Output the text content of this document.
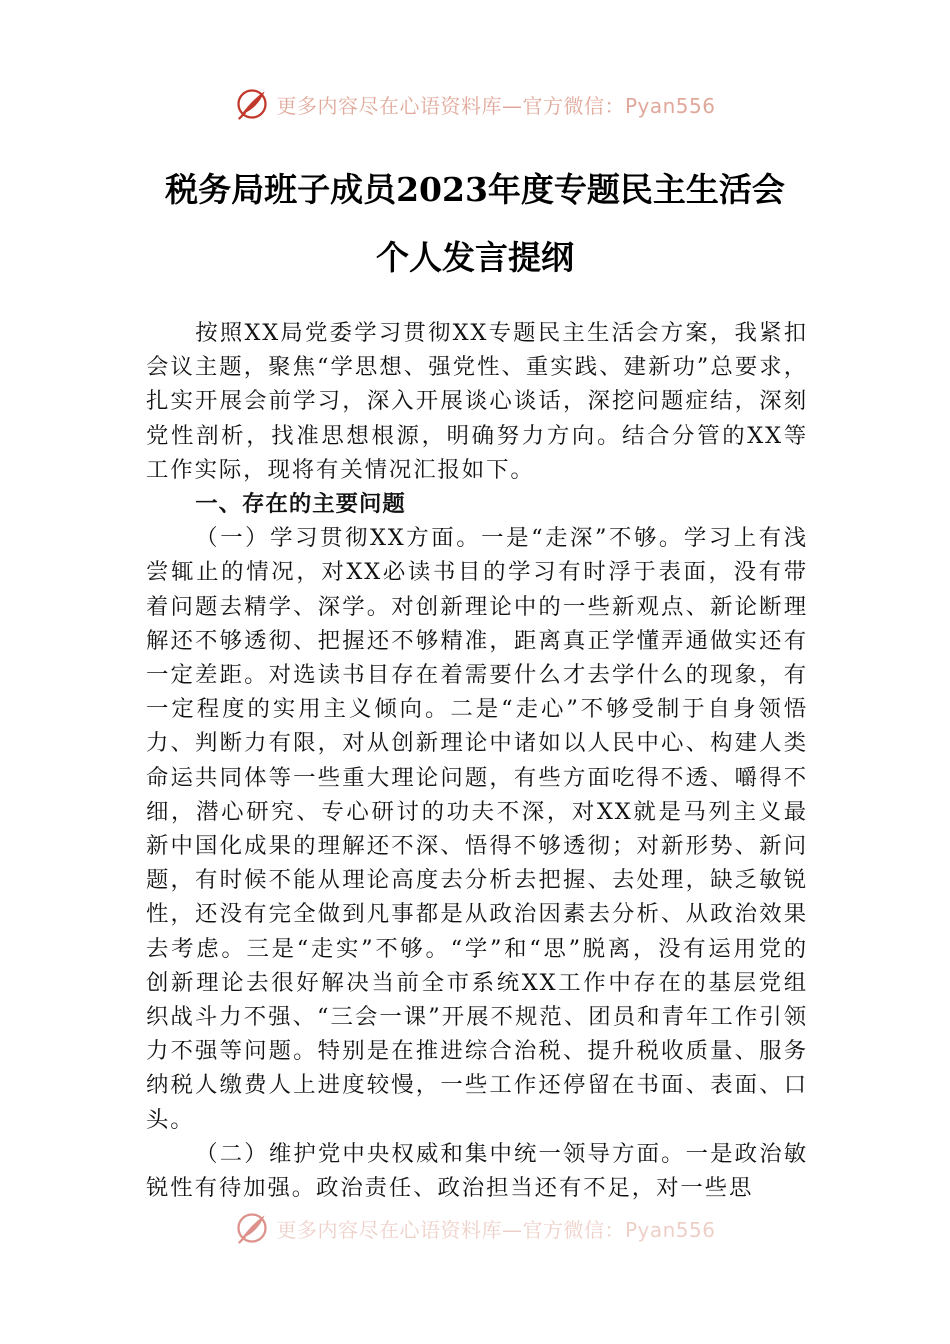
更多内容尽在心语资料库—官方微信：Pyan556
税务局班子成员2023年度专题民主生活会
个人发言提纲

按照XX局党委学习贯彻XX专题民主生活会方案，我紧扣会议主题，聚焦“学思想、强党性、重实践、建新功”总要求，扎实开展会前学习，深入开展谈心谈话，深挖问题症结，深刻党性剖析，找准思想根源，明确努力方向。结合分管的XX等工作实际，现将有关情况汇报如下。

一、存在的主要问题

（一）学习贯彻XX方面。一是“走深”不够。学习上有浅尝辄止的情况，对XX必读书目的学习有时浮于表面，没有带着问题去精学、深学。对创新理论中的一些新观点、新论断理解还不够透彻、把握还不够精准，距离真正学懂弄通做实还有一定差距。对选读书目存在着需要什么才去学什么的现象，有一定程度的实用主义倾向。二是“走心”不够受制于自身领悟力、判断力有限，对从创新理论中诸如以人民中心、构建人类命运共同体等一些重大理论问题，有些方面吃得不透、嚼得不细，潜心研究、专心研讨的功夫不深，对XX就是马列主义最新中国化成果的理解还不深、悟得不够透彻；对新形势、新问题，有时候不能从理论高度去分析去把握、去处理，缺乏敏锐性，还没有完全做到凡事都是从政治因素去分析、从政治效果去考虑。三是“走实”不够。“学”和“思”脱离，没有运用党的创新理论去很好解决当前全市系统XX工作中存在的基层党组织战斗力不强、“三会一课”开展不规范、团员和青年工作引领力不强等问题。特别是在推进综合治税、提升税收质量、服务纳税人缴费人上进度较慢，一些工作还停留在书面、表面、口头。

（二）维护党中央权威和集中统一领导方面。一是政治敏锐性有待加强。政治责任、政治担当还有不足，对一些思

更多内容尽在心语资料库—官方微信：Pyan556
